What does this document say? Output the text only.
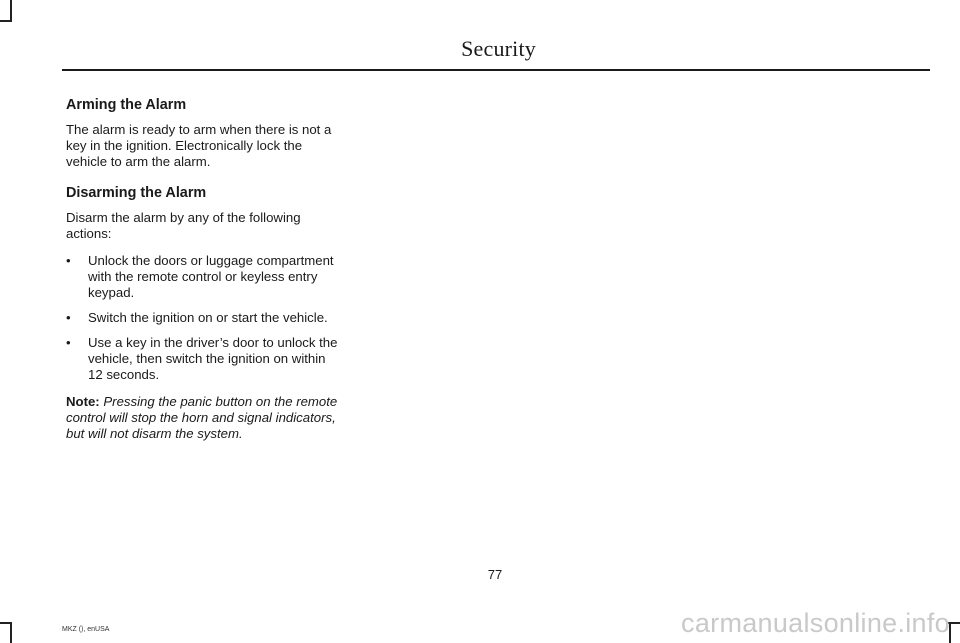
Security
Arming the Alarm

The alarm is ready to arm when there is not a key in the ignition. Electronically lock the vehicle to arm the alarm.

Disarming the Alarm

Disarm the alarm by any of the following actions:

• Unlock the doors or luggage compartment with the remote control or keyless entry keypad.
• Switch the ignition on or start the vehicle.
• Use a key in the driver’s door to unlock the vehicle, then switch the ignition on within 12 seconds.

Note: Pressing the panic button on the remote control will stop the horn and signal indicators, but will not disarm the system.

77
MKZ (), enUSA	carmanualsonline.info
